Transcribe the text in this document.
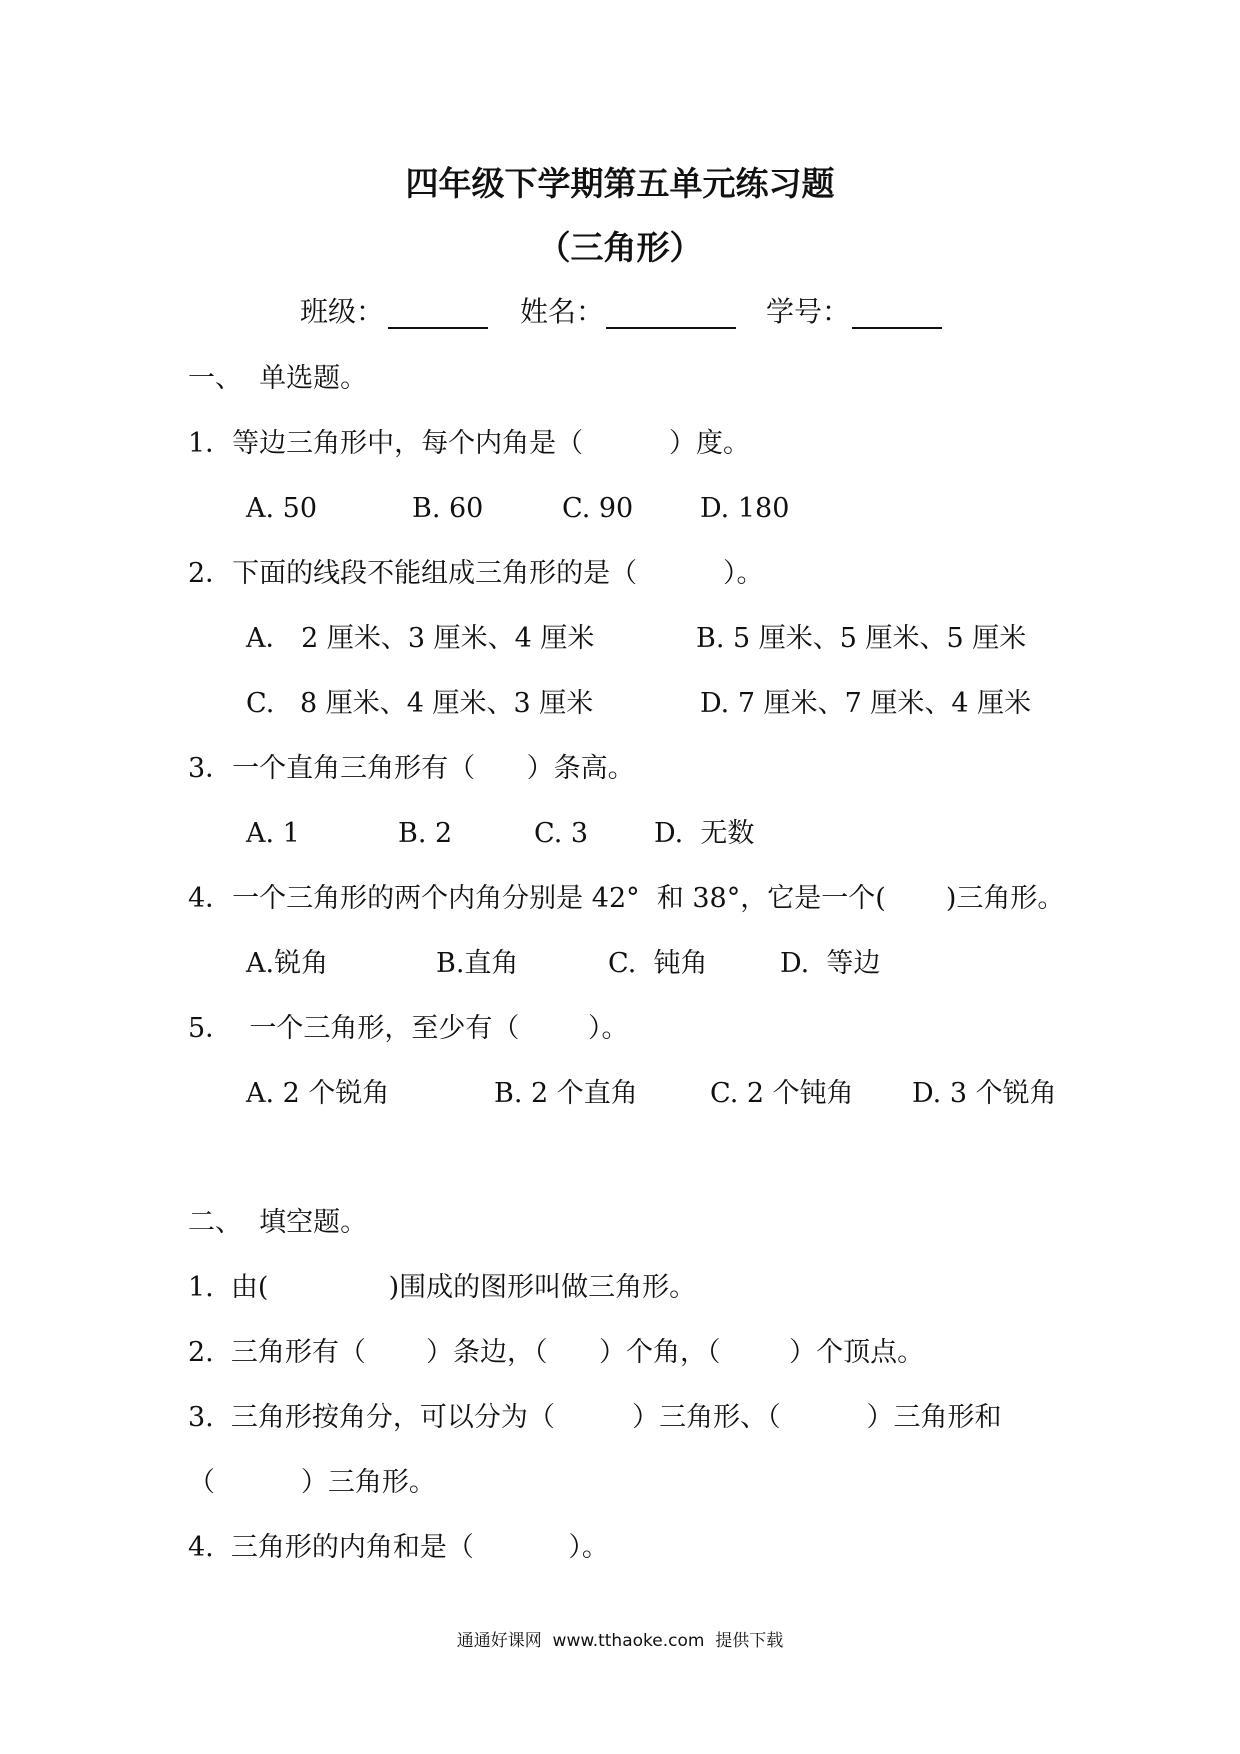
四年级下学期第五单元练习题
（三角形）
班级：	姓名：	学号：
一、  单选题。
1．等边三角形中，每个内角是（          ）度。
A. 50	B. 60	C. 90 D. 180
2．下面的线段不能组成三角形的是（          ）。
A． 2 厘米、3 厘米、4 厘米	B. 5 厘米、5 厘米、5 厘米
C.   8 厘米、4 厘米、3 厘米	D. 7 厘米、7 厘米、4 厘米
3．一个直角三角形有（      ）条高。
A. 1	B. 2	C. 3 D.  无数
4．一个三角形的两个内角分别是 42°  和 38°，它是一个(       )三角形。
A.锐角	B.直角	C.  钝角	D.  等边
5．  一个三角形，至少有（        ）。
A. 2 个锐角	B. 2 个直角	C. 2 个钝角 D. 3 个锐角
二、  填空题。
1.  由(              )围成的图形叫做三角形。
2.  三角形有（       ）条边，（      ）个角，（        ）个顶点。
3.  三角形按角分，可以分为（         ）三角形、（          ）三角形和
（          ）三角形。
4.  三角形的内角和是（           ）。
通通好课网  www.tthaoke.com  提供下载
